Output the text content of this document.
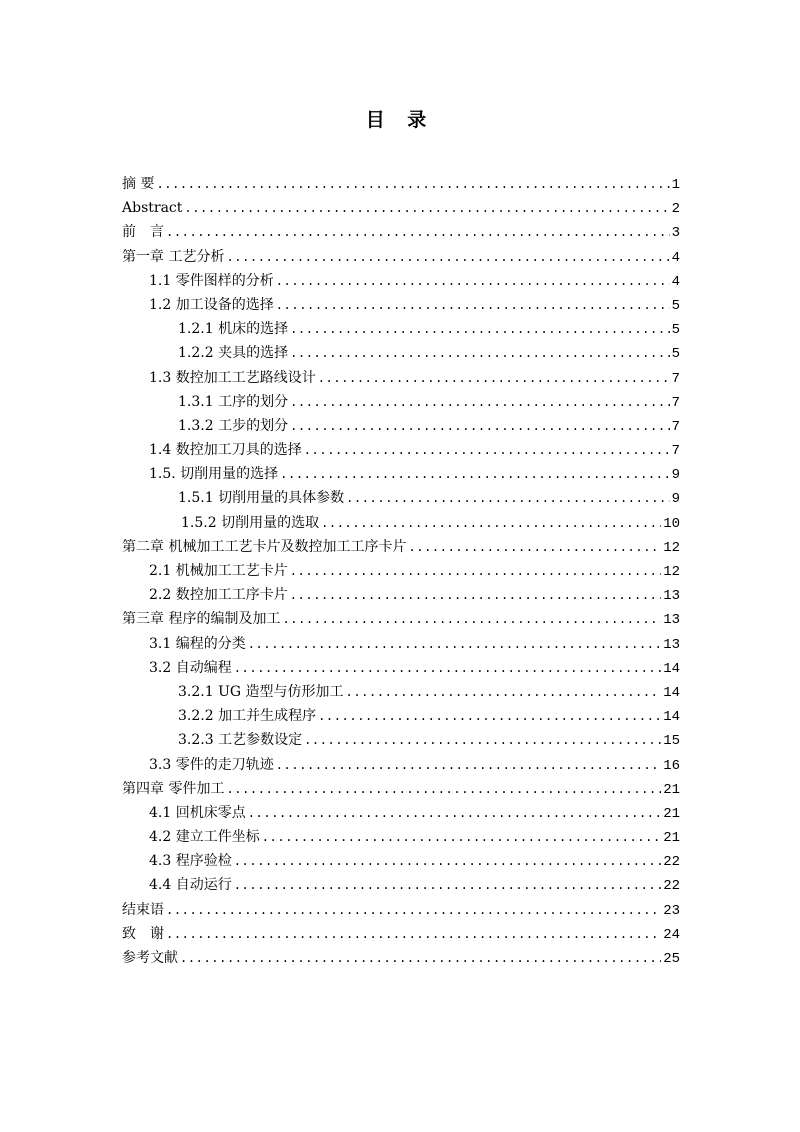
目 录
摘 要 .....	1
Abstract .....	2
前　言 .....	3
第一章 工艺分析 .....	4
1.1 零件图样的分析 .....	4
1.2 加工设备的选择 .....	5
1.2.1 机床的选择 .....	5
1.2.2 夹具的选择 .....	5
1.3 数控加工工艺路线设计 .....	7
1.3.1 工序的划分 .....	7
1.3.2 工步的划分 .....	7
1.4 数控加工刀具的选择 .....	7
1.5. 切削用量的选择 .....	9
1.5.1 切削用量的具体参数 .....	9
1.5.2 切削用量的选取 .....	10
第二章 机械加工工艺卡片及数控加工工序卡片 .....	12
2.1 机械加工工艺卡片 .....	12
2.2 数控加工工序卡片 .....	13
第三章 程序的编制及加工 .....	13
3.1 编程的分类 .....	13
3.2 自动编程 .....	14
3.2.1 UG 造型与仿形加工 .....	14
3.2.2 加工并生成程序 .....	14
3.2.3 工艺参数设定 .....	15
3.3 零件的走刀轨迹 .....	16
第四章 零件加工 .....	21
4.1 回机床零点 .....	21
4.2 建立工件坐标 .....	21
4.3 程序验检 .....	22
4.4 自动运行 .....	22
结束语 .....	23
致　谢 .....	24
参考文献 .....	25
